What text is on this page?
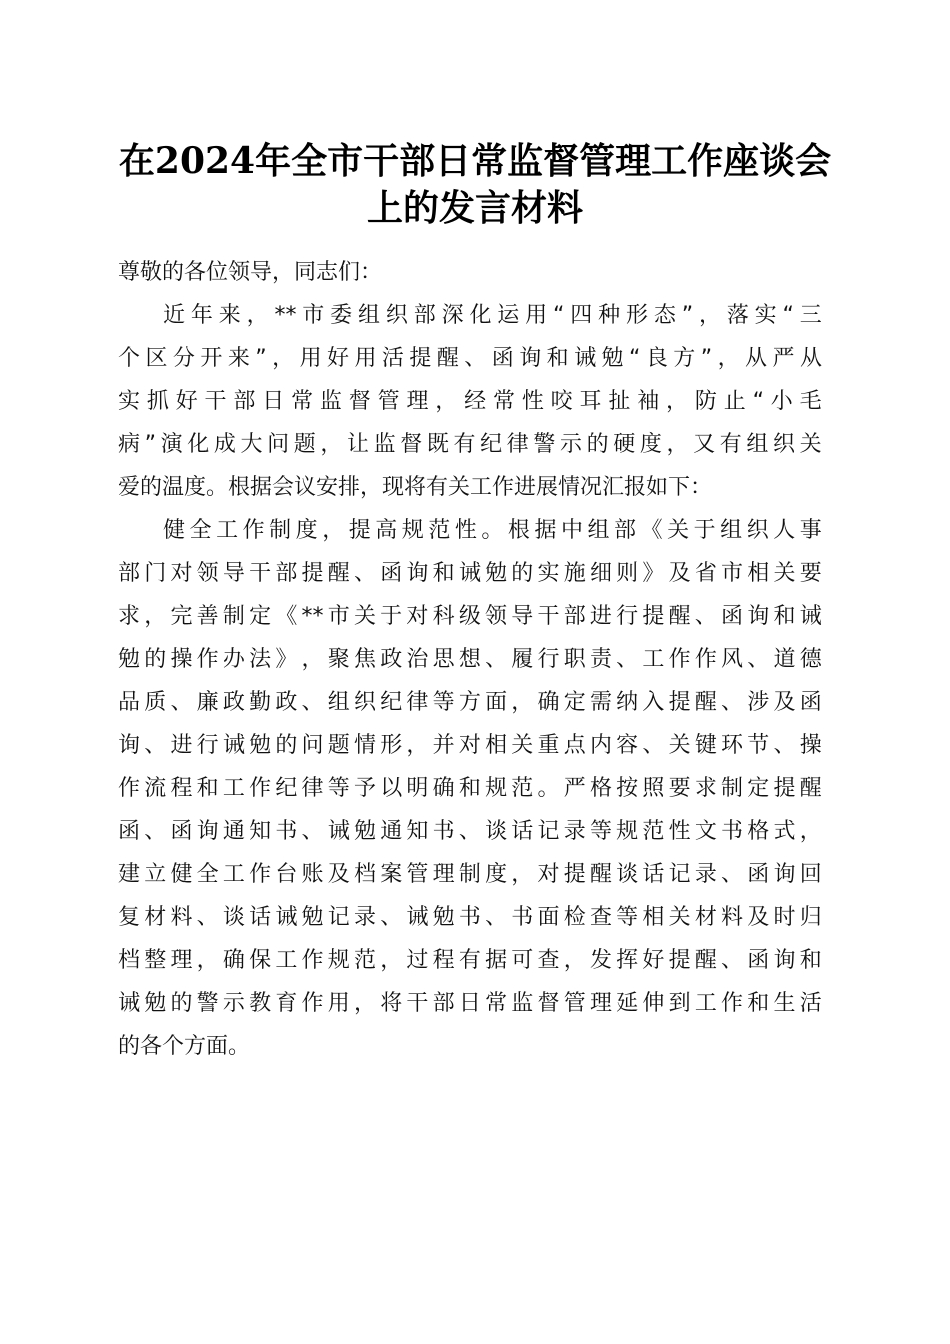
在2024年全市干部日常监督管理工作座谈会
上的发言材料
尊敬的各位领导，同志们：
近 年 来 ， ** 市 委 组 织 部 深 化 运 用 “ 四 种 形 态 ” ， 落 实 “ 三
个 区 分 开 来 ” ， 用 好 用 活 提 醒 、 函 询 和 诫 勉 “ 良 方 ” ， 从 严 从
实 抓 好 干 部 日 常 监 督 管 理 ， 经 常 性 咬 耳 扯 袖 ， 防 止 “ 小 毛
病 ” 演 化 成 大 问 题 ， 让 监 督 既 有 纪 律 警 示 的 硬 度 ， 又 有 组 织 关
爱的温度。根据会议安排，现将有关工作进展情况汇报如下：
健 全 工 作 制 度 ， 提 高 规 范 性 。 根 据 中 组 部 《 关 于 组 织 人 事
部 门 对 领 导 干 部 提 醒 、 函 询 和 诫 勉 的 实 施 细 则 》 及 省 市 相 关 要
求 ， 完 善 制 定 《 ** 市 关 于 对 科 级 领 导 干 部 进 行 提 醒 、 函 询 和 诫
勉 的 操 作 办 法 》 ， 聚 焦 政 治 思 想 、 履 行 职 责 、 工 作 作 风 、 道 德
品 质 、 廉 政 勤 政 、 组 织 纪 律 等 方 面 ， 确 定 需 纳 入 提 醒 、 涉 及 函
询 、 进 行 诫 勉 的 问 题 情 形 ， 并 对 相 关 重 点 内 容 、 关 键 环 节 、 操
作 流 程 和 工 作 纪 律 等 予 以 明 确 和 规 范 。 严 格 按 照 要 求 制 定 提 醒
函 、 函 询 通 知 书 、 诫 勉 通 知 书 、 谈 话 记 录 等 规 范 性 文 书 格 式 ，
建 立 健 全 工 作 台 账 及 档 案 管 理 制 度 ， 对 提 醒 谈 话 记 录 、 函 询 回
复 材 料 、 谈 话 诫 勉 记 录 、 诫 勉 书 、 书 面 检 查 等 相 关 材 料 及 时 归
档 整 理 ， 确 保 工 作 规 范 ， 过 程 有 据 可 查 ， 发 挥 好 提 醒 、 函 询 和
诫 勉 的 警 示 教 育 作 用 ， 将 干 部 日 常 监 督 管 理 延 伸 到 工 作 和 生 活
的各个方面。
